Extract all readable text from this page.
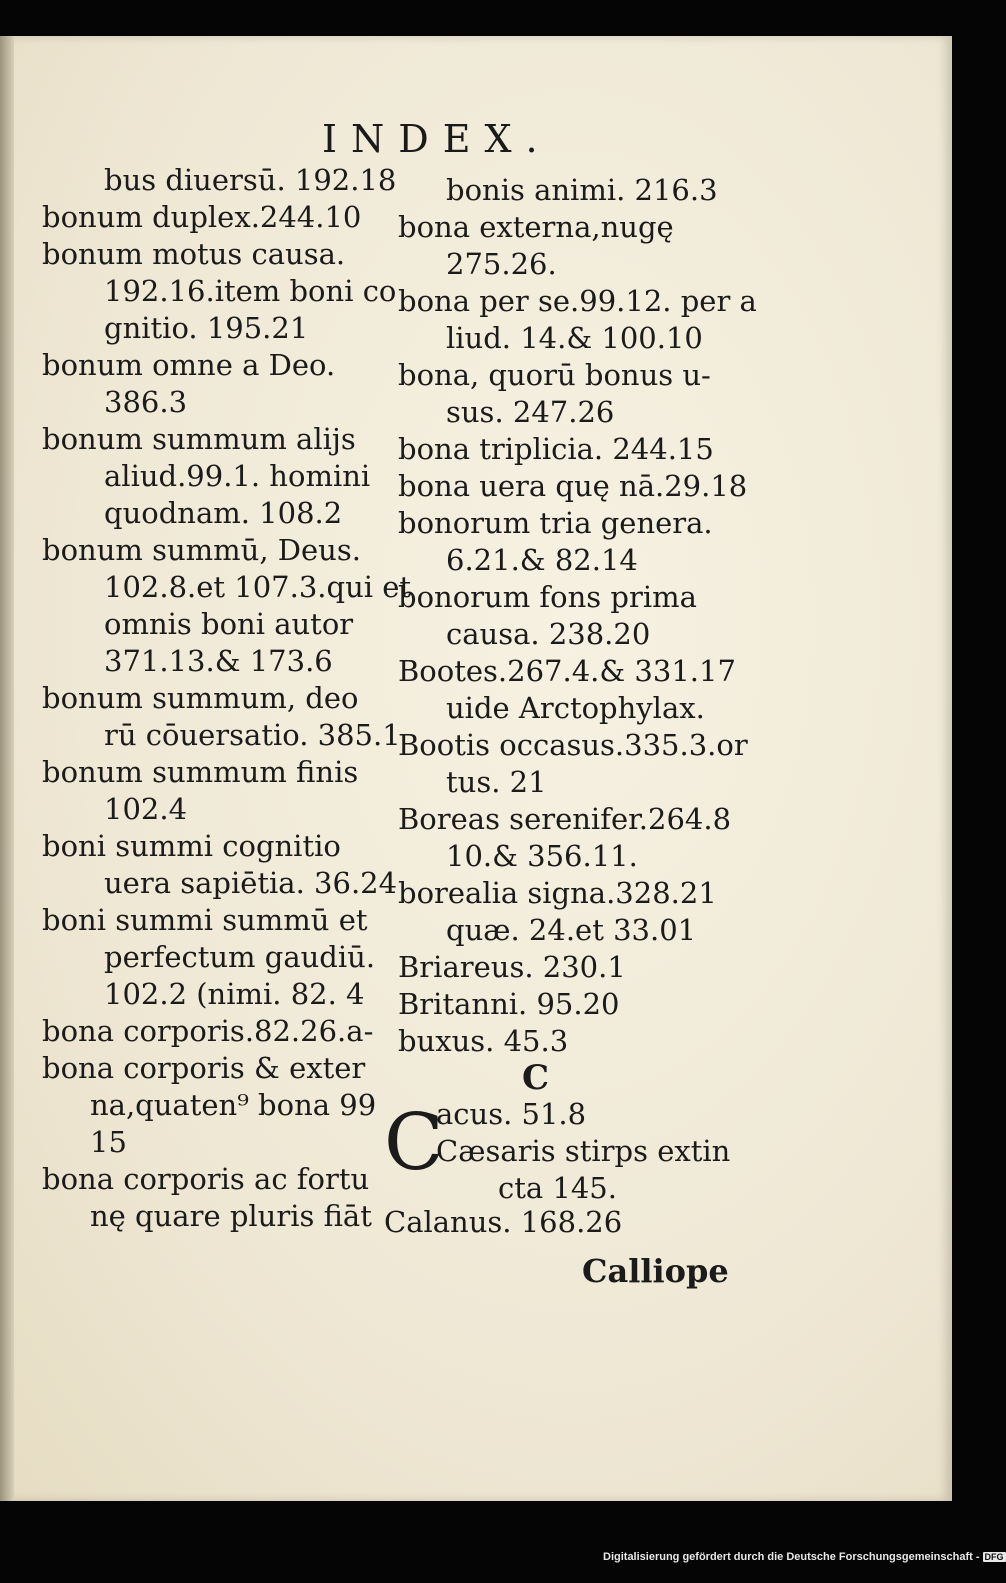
INDEX.
bus diuersū. 192.18
bonum duplex.244.10
bonum motus causa.
192.16.item boni co
gnitio. 195.21
bonum omne a Deo.
386.3
bonum summum alijs
aliud.99.1. homini
quodnam. 108.2
bonum summū, Deus.
102.8.et 107.3.qui et
omnis boni autor
371.13.& 173.6
bonum summum, deo
rū cōuersatio. 385.1
bonum summum finis
102.4
boni summi cognitio
uera sapiētia. 36.24
boni summi summū et
perfectum gaudiū.
102.2 (nimi. 82. 4
bona corporis.82.26.a-
bona corporis & exter
na,quaten⁹ bona 99
15
bona corporis ac fortu
nę quare pluris fiāt
bonis animi. 216.3
bona externa,nugę
275.26.
bona per se.99.12. per a
liud. 14.& 100.10
bona, quorū bonus u-
sus. 247.26
bona triplicia. 244.15
bona uera quę nā.29.18
bonorum tria genera.
6.21.& 82.14
bonorum fons prima
causa. 238.20
Bootes.267.4.& 331.17
uide Arctophylax.
Bootis occasus.335.3.or
tus. 21
Boreas serenifer.264.8
10.& 356.11.
borealia signa.328.21
quæ. 24.et 33.01
Briareus. 230.1
Britanni. 95.20
buxus. 45.3
C
C
acus. 51.8
Cæsaris stirps extin
cta 145.
Calanus. 168.26
Calliope
Digitalisierung gefördert durch die Deutsche Forschungsgemeinschaft - DFG
